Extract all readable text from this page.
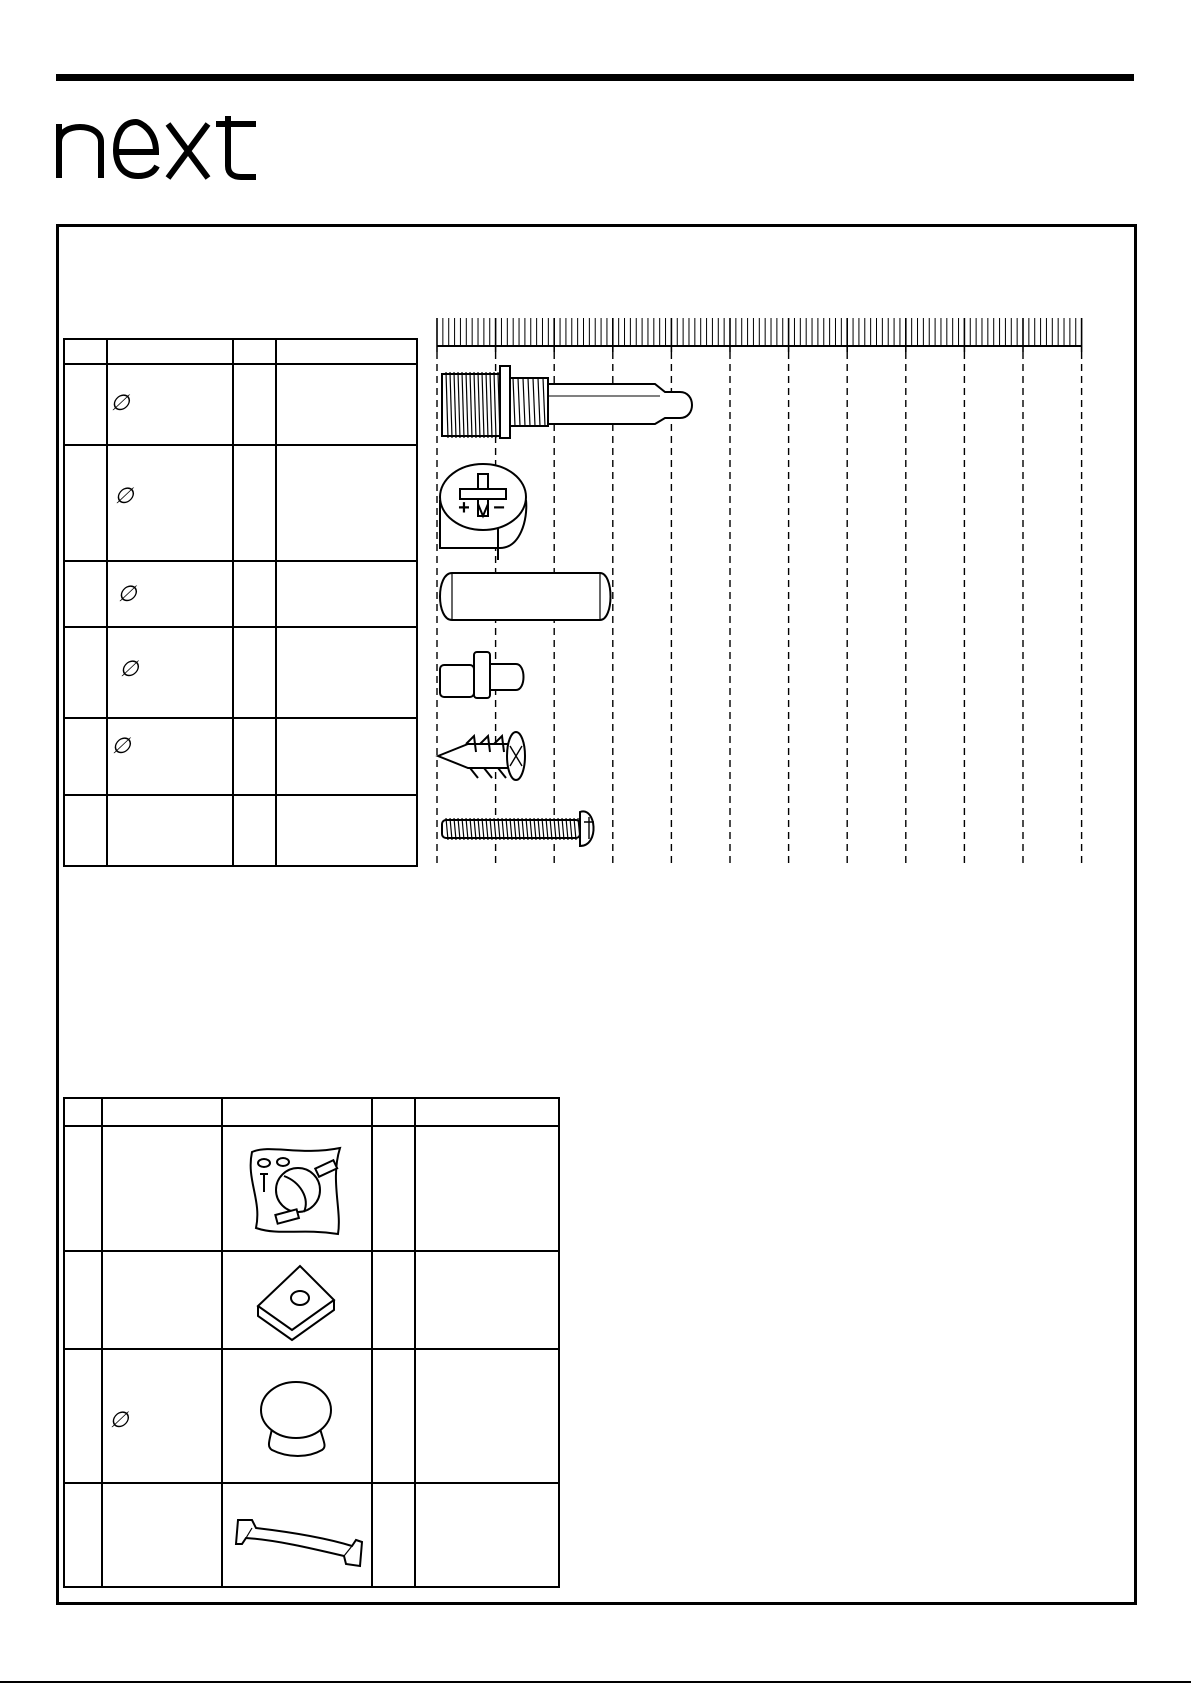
∅
∅
∅
∅
∅
+ −
∅
